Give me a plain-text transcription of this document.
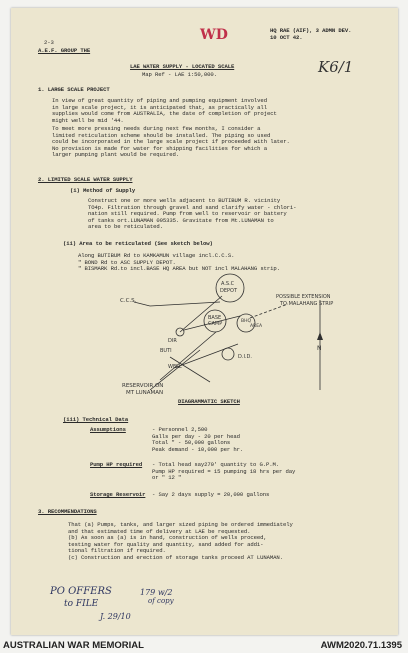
2-3
A.E.F. GROUP THE
HQ RAE (AIF), 3 ADMN DEV.
10 OCT 42.
WD
K6/1
LAE WATER SUPPLY - LOCATED SCALE
Map Ref - LAE 1:50,000.
1. LARGE SCALE PROJECT
In view of great quantity of piping and pumping equipment involved
in large scale project, it is anticipated that, as practically all
supplies would come from AUSTRALIA, the date of completion of project
might well be mid '44.
To meet more pressing needs during next few months, I consider a
limited reticulation scheme should be installed. The piping so used
could be incorporated in the large scale project if proceeded with later.
No provision is made for water for shipping facilities for which a
larger pumping plant would be required.
2. LIMITED SCALE WATER SUPPLY
(i) Method of Supply
Construct one or more wells adjacent to BUTIBUM R. vicinity
TO4p. Filtration through gravel and sand clarify water - chlori-
nation still required. Pump from well to reservoir or battery
of tanks ort.LUNAMAN 095335. Gravitate from Mt.LUNAMAN to
area to be reticulated.
(ii) Area to be reticulated (See sketch below)
Along BUTIBUM Rd to KAMKAMUN village incl.C.C.S.
" BOND Rd to ASC SUPPLY DEPOT.
" BISMARK Rd.to incl.BASE HQ AREA but NOT incl MALAHANG strip.
C.C.S.
A.S.C
DEPOT
BASE
CAMP	BHQ
AREA
D.I.D.
POSSIBLE EXTENSION
TO MALAHANG STRIP
N
DIR
BUTI
WELL
RESERVOIR ON
MT LUNAMAN
DIAGRAMMATIC SKETCH
(iii) Technical Data
Assumptions	- Personnel 2,500
Galls per day - 20 per head
Total " - 50,000 gallons
Peak demand - 10,000 per hr.
Pump HP required - Total head say270' quantity to G.P.M.
Pump HP required = 15 pumping 18 hrs per day
or " 12 "
Storage Reservoir - Say 2 days supply = 20,000 gallons
3. RECOMMENDATIONS
That (a) Pumps, tanks, and larger sized piping be ordered immediately
and that estimated time of delivery at LAE be requested.
(b) As soon as (a) is in hand, construction of wells proceed,
testing water for quality and quantity, sand added for addi-
tional filtration if required.
(c) Construction and erection of storage tanks proceed AT LUNAMAN.
PO OFFERS
to FILE
J. 29/10
179 w/2
of copy
AUSTRALIAN WAR MEMORIAL	AWM2020.71.1395
